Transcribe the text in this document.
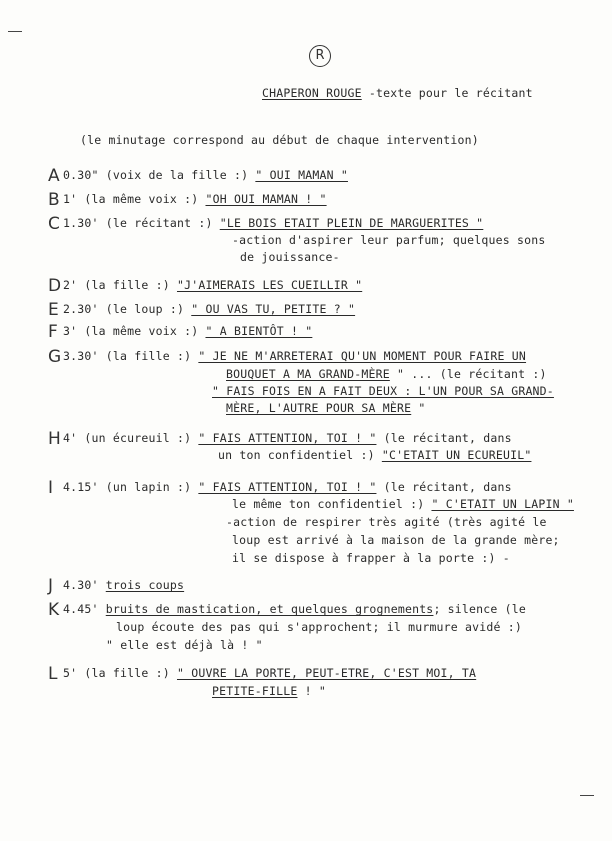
R
CHAPERON ROUGE -texte pour le récitant
(le minutage correspond au début de chaque intervention)
A 0.30" (voix de la fille :) " OUI MAMAN "
B 1' (la même voix :) "OH OUI MAMAN ! "
C 1.30' (le récitant :) "LE BOIS ETAIT PLEIN DE MARGUERITES "
-action d'aspirer leur parfum; quelques sons
de jouissance-
D 2' (la fille :) "J'AIMERAIS LES CUEILLIR "
E 2.30' (le loup :) " OU VAS TU, PETITE ? "
F 3' (la même voix :) " A BIENTÔT ! "
G 3.30' (la fille :) " JE NE M'ARRETERAI QU'UN MOMENT POUR FAIRE UN
BOUQUET A MA GRAND-MÈRE " ... (le récitant :)
" FAIS FOIS EN A FAIT DEUX : L'UN POUR SA GRAND-
MÈRE, L'AUTRE POUR SA MÈRE "
H 4' (un écureuil :) " FAIS ATTENTION, TOI ! " (le récitant, dans
un ton confidentiel :) "C'ETAIT UN ECUREUIL"
I 4.15' (un lapin :) " FAIS ATTENTION, TOI ! " (le récitant, dans
le même ton confidentiel :) " C'ETAIT UN LAPIN "
-action de respirer très agité (très agité le
loup est arrivé à la maison de la grande mère;
il se dispose à frapper à la porte :) -
J 4.30' trois coups
K 4.45' bruits de mastication, et quelques grognements; silence (le
loup écoute des pas qui s'approchent; il murmure avidé :)
" elle est déjà là ! "
L 5' (la fille :) " OUVRE LA PORTE, PEUT-ETRE, C'EST MOI, TA
PETITE-FILLE ! "
